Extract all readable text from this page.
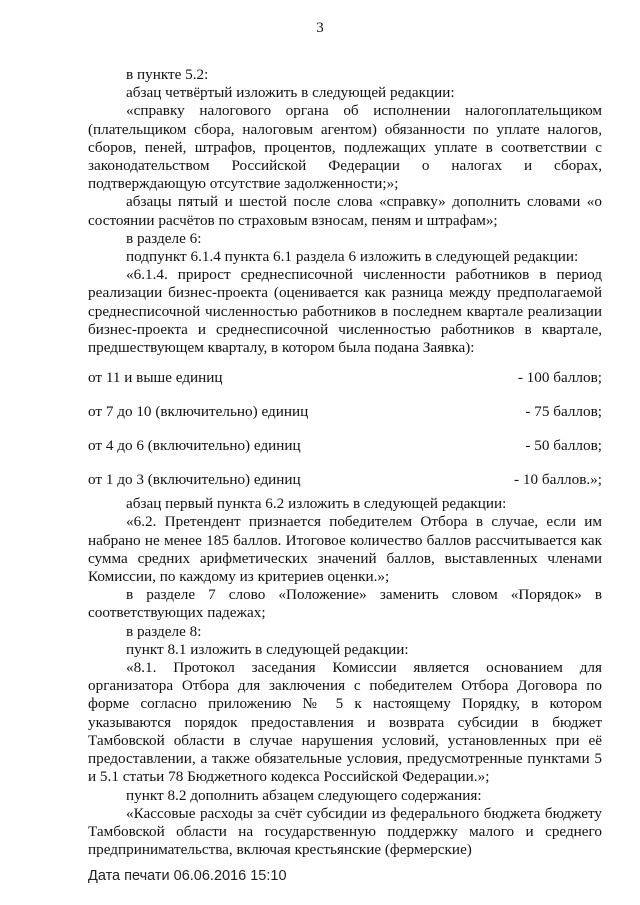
3

в пункте 5.2:

абзац четвёртый изложить в следующей редакции:

«справку налогового органа об исполнении налогоплательщиком (плательщиком сбора, налоговым агентом) обязанности по уплате налогов, сборов, пеней, штрафов, процентов, подлежащих уплате в соответствии с законодательством Российской Федерации о налогах и сборах, подтверждающую отсутствие задолженности;»;

абзацы пятый и шестой после слова «справку» дополнить словами «о состоянии расчётов по страховым взносам, пеням и штрафам»;

в разделе 6:

подпункт 6.1.4 пункта 6.1 раздела 6 изложить в следующей редакции:

«6.1.4. прирост среднесписочной численности работников в период реализации бизнес-проекта (оценивается как разница между предполагаемой среднесписочной численностью работников в последнем квартале реализации бизнес-проекта и среднесписочной численностью работников в квартале, предшествующем кварталу, в котором была подана Заявка):

от 11 и выше единиц	- 100 баллов;
от 7 до 10 (включительно) единиц	- 75 баллов;
от 4 до 6 (включительно) единиц	- 50 баллов;
от 1 до 3 (включительно) единиц	- 10 баллов.»;

абзац первый пункта 6.2 изложить в следующей редакции:

«6.2. Претендент признается победителем Отбора в случае, если им набрано не менее 185 баллов. Итоговое количество баллов рассчитывается как сумма средних арифметических значений баллов, выставленных членами Комиссии, по каждому из критериев оценки.»;

в разделе 7 слово «Положение» заменить словом «Порядок» в соответствующих падежах;

в разделе 8:

пункт 8.1 изложить в следующей редакции:

«8.1. Протокол заседания Комиссии является основанием для организатора Отбора для заключения с победителем Отбора Договора по форме согласно приложению № 5 к настоящему Порядку, в котором указываются порядок предоставления и возврата субсидии в бюджет Тамбовской области в случае нарушения условий, установленных при её предоставлении, а также обязательные условия, предусмотренные пунктами 5 и 5.1 статьи 78 Бюджетного кодекса Российской Федерации.»;

пункт 8.2 дополнить абзацем следующего содержания:

«Кассовые расходы за счёт субсидии из федерального бюджета бюджету Тамбовской области на государственную поддержку малого и среднего предпринимательства, включая крестьянские (фермерские)

Дата печати 06.06.2016 15:10
